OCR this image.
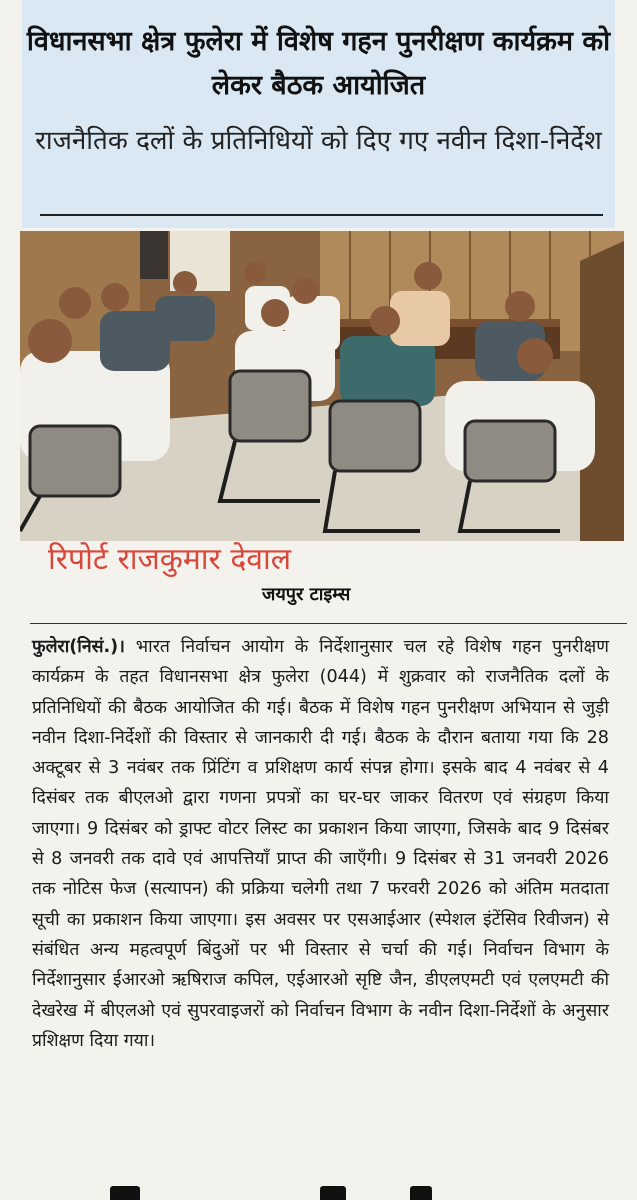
विधानसभा क्षेत्र फुलेरा में विशेष गहन पुनरीक्षण कार्यक्रम को लेकर बैठक आयोजित
राजनैतिक दलों के प्रतिनिधियों को दिए गए नवीन दिशा-निर्देश
रिपोर्ट राजकुमार देवाल
जयपुर टाइम्स
फुलेरा(निसं.)। भारत निर्वाचन आयोग के निर्देशानुसार चल रहे विशेष गहन पुनरीक्षण कार्यक्रम के तहत विधानसभा क्षेत्र फुलेरा (044) में शुक्रवार को राजनैतिक दलों के प्रतिनिधियों की बैठक आयोजित की गई। बैठक में विशेष गहन पुनरीक्षण अभियान से जुड़ी नवीन दिशा-निर्देशों की विस्तार से जानकारी दी गई। बैठक के दौरान बताया गया कि 28 अक्टूबर से 3 नवंबर तक प्रिंटिंग व प्रशिक्षण कार्य संपन्न होगा। इसके बाद 4 नवंबर से 4 दिसंबर तक बीएलओ द्वारा गणना प्रपत्रों का घर-घर जाकर वितरण एवं संग्रहण किया जाएगा। 9 दिसंबर को ड्राफ्ट वोटर लिस्ट का प्रकाशन किया जाएगा, जिसके बाद 9 दिसंबर से 8 जनवरी तक दावे एवं आपत्तियाँ प्राप्त की जाएँगी। 9 दिसंबर से 31 जनवरी 2026 तक नोटिस फेज (सत्यापन) की प्रक्रिया चलेगी तथा 7 फरवरी 2026 को अंतिम मतदाता सूची का प्रकाशन किया जाएगा। इस अवसर पर एसआईआर (स्पेशल इंटेंसिव रिवीजन) से संबंधित अन्य महत्वपूर्ण बिंदुओं पर भी विस्तार से चर्चा की गई। निर्वाचन विभाग के निर्देशानुसार ईआरओ ऋषिराज कपिल, एईआरओ सृष्टि जैन, डीएलएमटी एवं एलएमटी की देखरेख में बीएलओ एवं सुपरवाइजरों को निर्वाचन विभाग के नवीन दिशा-निर्देशों के अनुसार प्रशिक्षण दिया गया।
